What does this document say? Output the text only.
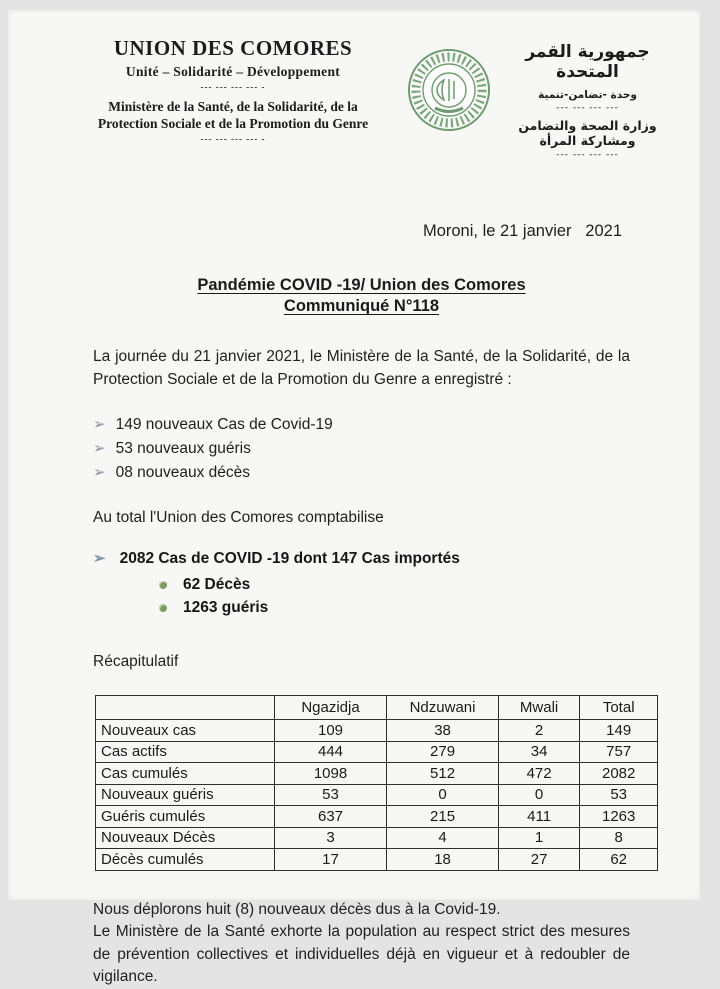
UNION DES COMORES
Unité – Solidarité – Développement
--- --- --- --- -
Ministère de la Santé, de la Solidarité, de la
Protection Sociale et de la Promotion du Genre
--- --- --- --- -
جمهورية القمر المتحدة
وحدة -تضامن-تنمية
--- --- --- ---
وزارة الصحة والتضامن ومشاركة المرأة
--- --- --- ---
Moroni, le 21 janvier   2021
Pandémie COVID -19/ Union des Comores
Communiqué N°118

La journée du 21 janvier 2021, le Ministère de la Santé, de la Solidarité, de la Protection Sociale et de la Promotion du Genre a enregistré :

➢ 149 nouveaux Cas de Covid-19
➢ 53 nouveaux guéris
➢ 08 nouveaux décès

Au total l'Union des Comores comptabilise

➢ 2082 Cas de COVID -19 dont 147 Cas importés
62 Décès
1263 guéris

Récapitulatif

	Ngazidja	Ndzuwani	Mwali	Total
Nouveaux cas	109	38	2	149
Cas actifs	444	279	34	757
Cas cumulés	1098	512	472	2082
Nouveaux guéris	53	0	0	53
Guéris cumulés	637	215	411	1263
Nouveaux Décès	3	4	1	8
Décès cumulés	17	18	27	62

Nous déplorons huit (8) nouveaux décès dus à la Covid-19.

Le Ministère de la Santé exhorte la population au respect strict des mesures de prévention collectives et individuelles déjà en vigueur et à redoubler de vigilance.
